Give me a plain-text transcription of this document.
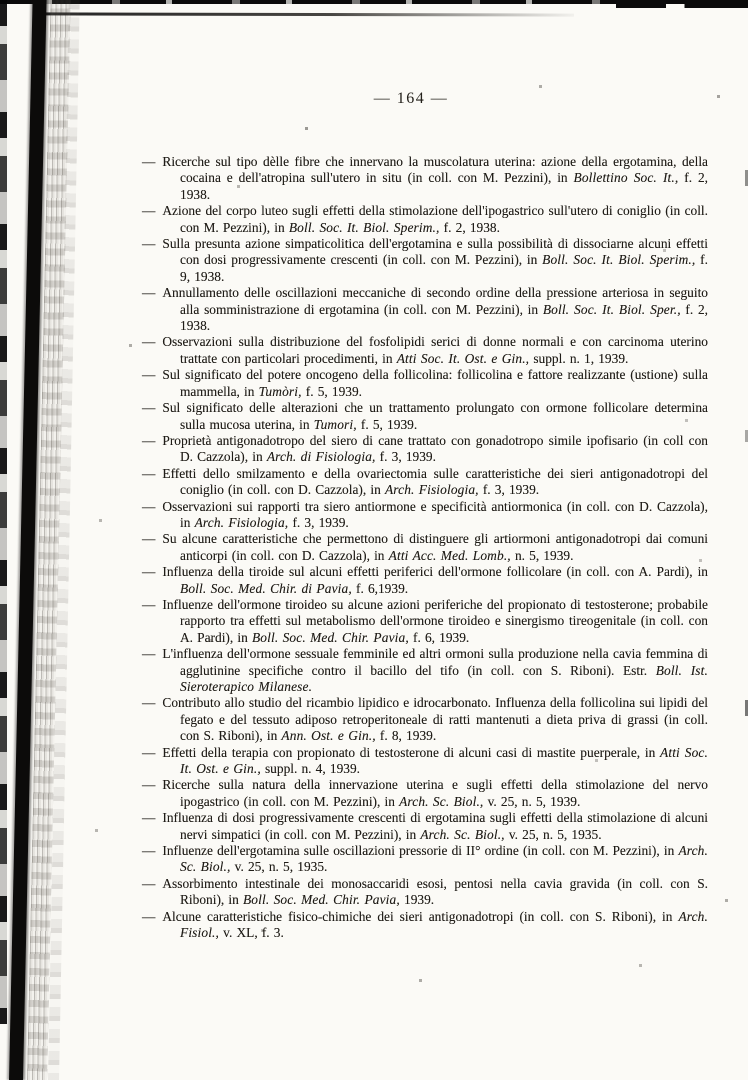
— 164 —
— Ricerche sul tipo dèlle fibre che innervano la muscolatura uterina: azione della ergotamina, della cocaina e dell'atropina sull'utero in situ (in coll. con M. Pezzini), in Bollettino Soc. It., f. 2, 1938.
— Azione del corpo luteo sugli effetti della stimolazione dell'ipogastrico sull'utero di coniglio (in coll. con M. Pezzini), in Boll. Soc. It. Biol. Sperim., f. 2, 1938.
— Sulla presunta azione simpaticolitica dell'ergotamina e sulla possibilità di dissociarne alcuni effetti con dosi progressivamente crescenti (in coll. con M. Pezzini), in Boll. Soc. It. Biol. Sperim., f. 9, 1938.
— Annullamento delle oscillazioni meccaniche di secondo ordine della pressione arteriosa in seguito alla somministrazione di ergotamina (in coll. con M. Pezzini), in Boll. Soc. It. Biol. Sper., f. 2, 1938.
— Osservazioni sulla distribuzione del fosfolipidi serici di donne normali e con carcinoma uterino trattate con particolari procedimenti, in Atti Soc. It. Ost. e Gin., suppl. n. 1, 1939.
— Sul significato del potere oncogeno della follicolina: follicolina e fattore realizzante (ustione) sulla mammella, in Tumòri, f. 5, 1939.
— Sul significato delle alterazioni che un trattamento prolungato con ormone follicolare determina sulla mucosa uterina, in Tumori, f. 5, 1939.
— Proprietà antigonadotropo del siero di cane trattato con gonadotropo simile ipofisario (in coll con D. Cazzola), in Arch. di Fisiologia, f. 3, 1939.
— Effetti dello smilzamento e della ovariectomia sulle caratteristiche dei sieri antigonadotropi del coniglio (in coll. con D. Cazzola), in Arch. Fisiologia, f. 3, 1939.
— Osservazioni sui rapporti tra siero antiormone e specificità antiormonica (in coll. con D. Cazzola), in Arch. Fisiologia, f. 3, 1939.
— Su alcune caratteristiche che permettono di distinguere gli artiormoni antigonadotropi dai comuni anticorpi (in coll. con D. Cazzola), in Atti Acc. Med. Lomb., n. 5, 1939.
— Influenza della tiroide sul alcuni effetti periferici dell'ormone follicolare (in coll. con A. Pardi), in Boll. Soc. Med. Chir. di Pavia, f. 6,1939.
— Influenze dell'ormone tiroideo su alcune azioni periferiche del propionato di testosterone; probabile rapporto tra effetti sul metabolismo dell'ormone tiroideo e sinergismo tireogenitale (in coll. con A. Pardi), in Boll. Soc. Med. Chir. Pavia, f. 6, 1939.
— L'influenza dell'ormone sessuale femminile ed altri ormoni sulla produzione nella cavia femmina di agglutinine specifiche contro il bacillo del tifo (in coll. con S. Riboni). Estr. Boll. Ist. Sieroterapico Milanese.
— Contributo allo studio del ricambio lipidico e idrocarbonato. Influenza della follicolina sui lipidi del fegato e del tessuto adiposo retroperitoneale di ratti mantenuti a dieta priva di grassi (in coll. con S. Riboni), in Ann. Ost. e Gin., f. 8, 1939.
— Effetti della terapia con propionato di testosterone di alcuni casi di mastite puerperale, in Atti Soc. It. Ost. e Gin., suppl. n. 4, 1939.
— Ricerche sulla natura della innervazione uterina e sugli effetti della stimolazione del nervo ipogastrico (in coll. con M. Pezzini), in Arch. Sc. Biol., v. 25, n. 5, 1939.
— Influenza di dosi progressivamente crescenti di ergotamina sugli effetti della stimolazione di alcuni nervi simpatici (in coll. con M. Pezzini), in Arch. Sc. Biol., v. 25, n. 5, 1935.
— Influenze dell'ergotamina sulle oscillazioni pressorie di II° ordine (in coll. con M. Pezzini), in Arch. Sc. Biol., v. 25, n. 5, 1935.
— Assorbimento intestinale dei monosaccaridi esosi, pentosi nella cavia gravida (in coll. con S. Riboni), in Boll. Soc. Med. Chir. Pavia, 1939.
— Alcune caratteristiche fisico-chimiche dei sieri antigonadotropi (in coll. con S. Riboni), in Arch. Fisiol., v. XL, f. 3.
